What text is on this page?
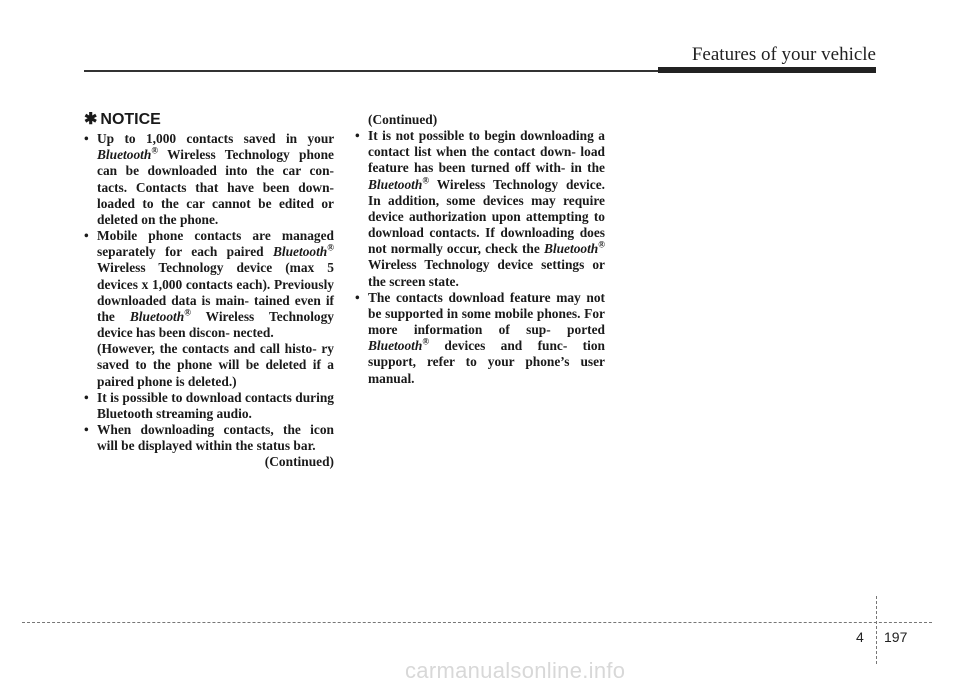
Features of your vehicle
✱ NOTICE
• Up to 1,000 contacts saved in your Bluetooth® Wireless Technology phone can be downloaded into the car con- tacts. Contacts that have been down- loaded to the car cannot be edited or deleted on the phone.
• Mobile phone contacts are managed separately for each paired Bluetooth® Wireless Technology device (max 5 devices x 1,000 contacts each). Previously downloaded data is main- tained even if the Bluetooth® Wireless Technology device has been discon- nected.
(However, the contacts and call histo- ry saved to the phone will be deleted if a paired phone is deleted.)
• It is possible to download contacts during Bluetooth streaming audio.
• When downloading contacts, the icon will be displayed within the status bar.
(Continued)
(Continued)
• It is not possible to begin downloading a contact list when the contact down- load feature has been turned off with- in the Bluetooth® Wireless Technology device. In addition, some devices may require device authorization upon attempting to download contacts. If downloading does not normally occur, check the Bluetooth® Wireless Technology device settings or the screen state.
• The contacts download feature may not be supported in some mobile phones. For more information of sup- ported Bluetooth® devices and func- tion support, refer to your phone’s user manual.
4 197
carmanualsonline.info
